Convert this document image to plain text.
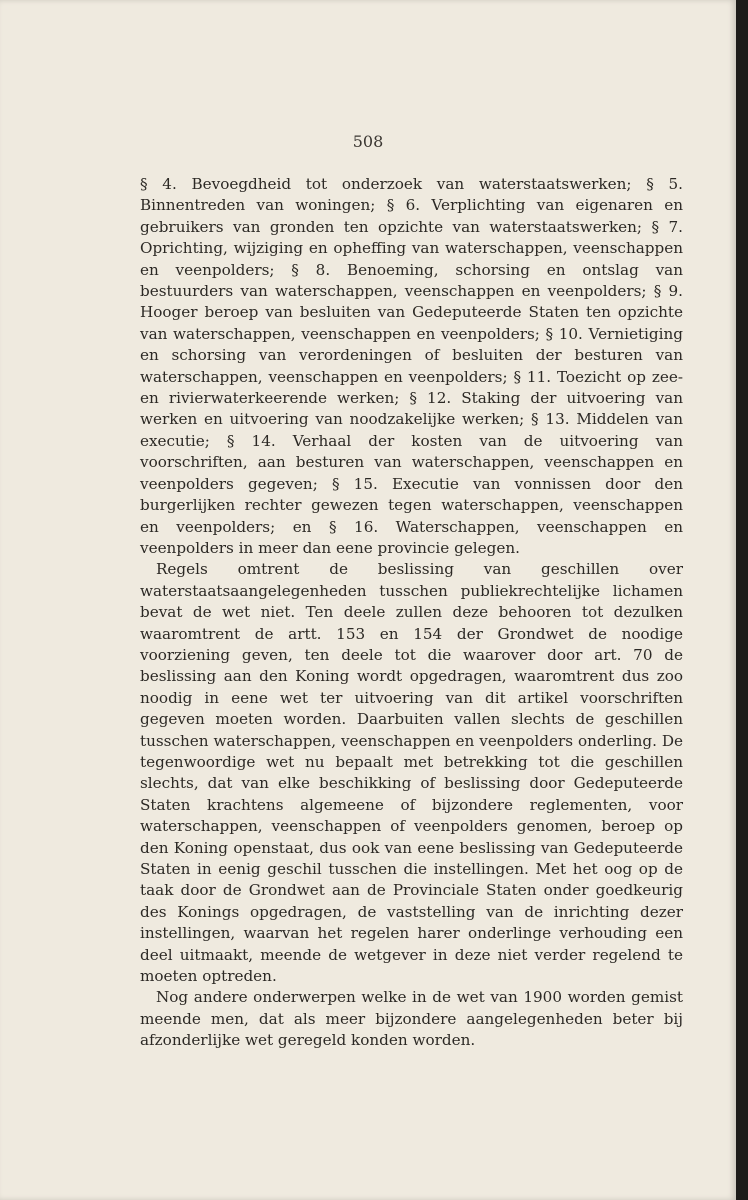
508

§ 4. Bevoegdheid tot onderzoek van waterstaatswerken; § 5. Binnentreden van woningen; § 6. Verplichting van eigenaren en gebruikers van gronden ten opzichte van waterstaatswerken; § 7. Oprichting, wijziging en opheffing van waterschappen, veenschappen en veenpolders; § 8. Benoeming, schorsing en ontslag van bestuurders van waterschappen, veenschappen en veenpolders; § 9. Hooger beroep van besluiten van Gedeputeerde Staten ten opzichte van waterschappen, veenschappen en veenpolders; § 10. Vernietiging en schorsing van verordeningen of besluiten der besturen van waterschappen, veenschappen en veenpolders; § 11. Toezicht op zee- en rivierwaterkeerende werken; § 12. Staking der uitvoering van werken en uitvoering van noodzakelijke werken; § 13. Middelen van executie; § 14. Verhaal der kosten van de uitvoering van voorschriften, aan besturen van waterschappen, veenschappen en veenpolders gegeven; § 15. Executie van vonnissen door den burgerlijken rechter gewezen tegen waterschappen, veenschappen en veenpolders; en § 16. Waterschappen, veenschappen en veenpolders in meer dan eene provincie gelegen.

Regels omtrent de beslissing van geschillen over waterstaatsaangelegenheden tusschen publiekrechtelijke lichamen bevat de wet niet. Ten deele zullen deze behooren tot dezulken waaromtrent de artt. 153 en 154 der Grondwet de noodige voorziening geven, ten deele tot die waarover door art. 70 de beslissing aan den Koning wordt opgedragen, waaromtrent dus zoo noodig in eene wet ter uitvoering van dit artikel voorschriften gegeven moeten worden. Daarbuiten vallen slechts de geschillen tusschen waterschappen, veenschappen en veenpolders onderling. De tegenwoordige wet nu bepaalt met betrekking tot die geschillen slechts, dat van elke beschikking of beslissing door Gedeputeerde Staten krachtens algemeene of bijzondere reglementen, voor waterschappen, veenschappen of veenpolders genomen, beroep op den Koning openstaat, dus ook van eene beslissing van Gedeputeerde Staten in eenig geschil tusschen die instellingen. Met het oog op de taak door de Grondwet aan de Provinciale Staten onder goedkeurig des Konings opgedragen, de vaststelling van de inrichting dezer instellingen, waarvan het regelen harer onderlinge verhouding een deel uitmaakt, meende de wetgever in deze niet verder regelend te moeten optreden.

Nog andere onderwerpen welke in de wet van 1900 worden gemist meende men, dat als meer bijzondere aangelegenheden beter bij afzonderlijke wet geregeld konden worden.
